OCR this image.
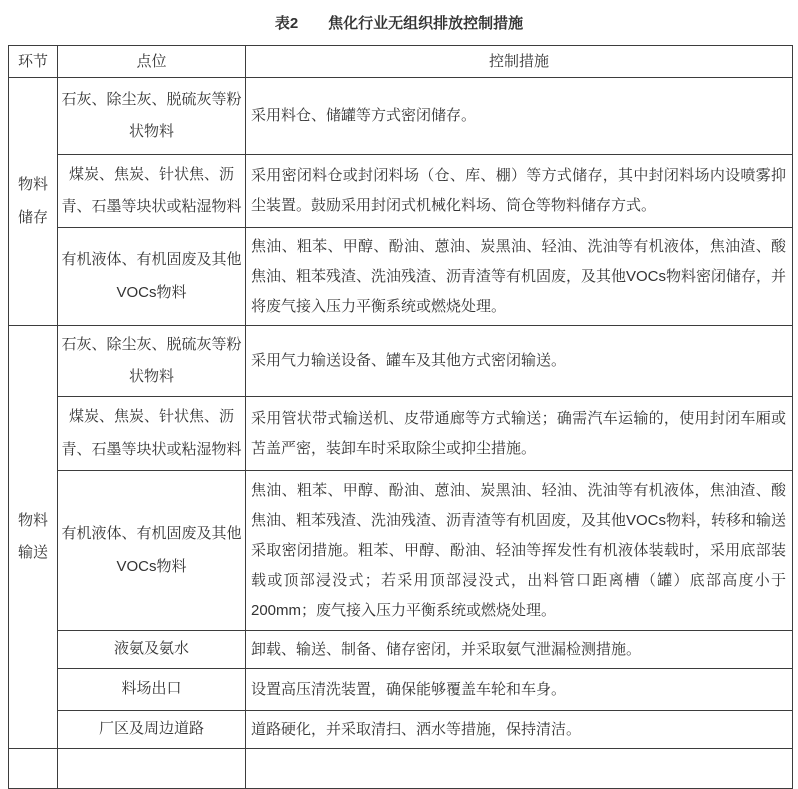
表2　　焦化行业无组织排放控制措施
环节	点位	控制措施

物料储存	石灰、除尘灰、脱硫灰等粉状物料	采用料仓、储罐等方式密闭储存。
	煤炭、焦炭、针状焦、沥青、石墨等块状或粘湿物料	采用密闭料仓或封闭料场（仓、库、棚）等方式储存，其中封闭料场内设喷雾抑尘装置。鼓励采用封闭式机械化料场、筒仓等物料储存方式。
	有机液体、有机固废及其他VOCs物料	焦油、粗苯、甲醇、酚油、蒽油、炭黑油、轻油、洗油等有机液体，焦油渣、酸焦油、粗苯残渣、洗油残渣、沥青渣等有机固废，及其他VOCs物料密闭储存，并将废气接入压力平衡系统或燃烧处理。

物料输送	石灰、除尘灰、脱硫灰等粉状物料	采用气力输送设备、罐车及其他方式密闭输送。
	煤炭、焦炭、针状焦、沥青、石墨等块状或粘湿物料	采用管状带式输送机、皮带通廊等方式输送；确需汽车运输的，使用封闭车厢或苫盖严密，装卸车时采取除尘或抑尘措施。
	有机液体、有机固废及其他VOCs物料	焦油、粗苯、甲醇、酚油、蒽油、炭黑油、轻油、洗油等有机液体，焦油渣、酸焦油、粗苯残渣、洗油残渣、沥青渣等有机固废，及其他VOCs物料，转移和输送采取密闭措施。粗苯、甲醇、酚油、轻油等挥发性有机液体装载时，采用底部装载或顶部浸没式；若采用顶部浸没式，出料管口距离槽（罐）底部高度小于200mm；废气接入压力平衡系统或燃烧处理。
	液氨及氨水	卸载、输送、制备、储存密闭，并采取氨气泄漏检测措施。
	料场出口	设置高压清洗装置，确保能够覆盖车轮和车身。
	厂区及周边道路	道路硬化，并采取清扫、洒水等措施，保持清洁。
